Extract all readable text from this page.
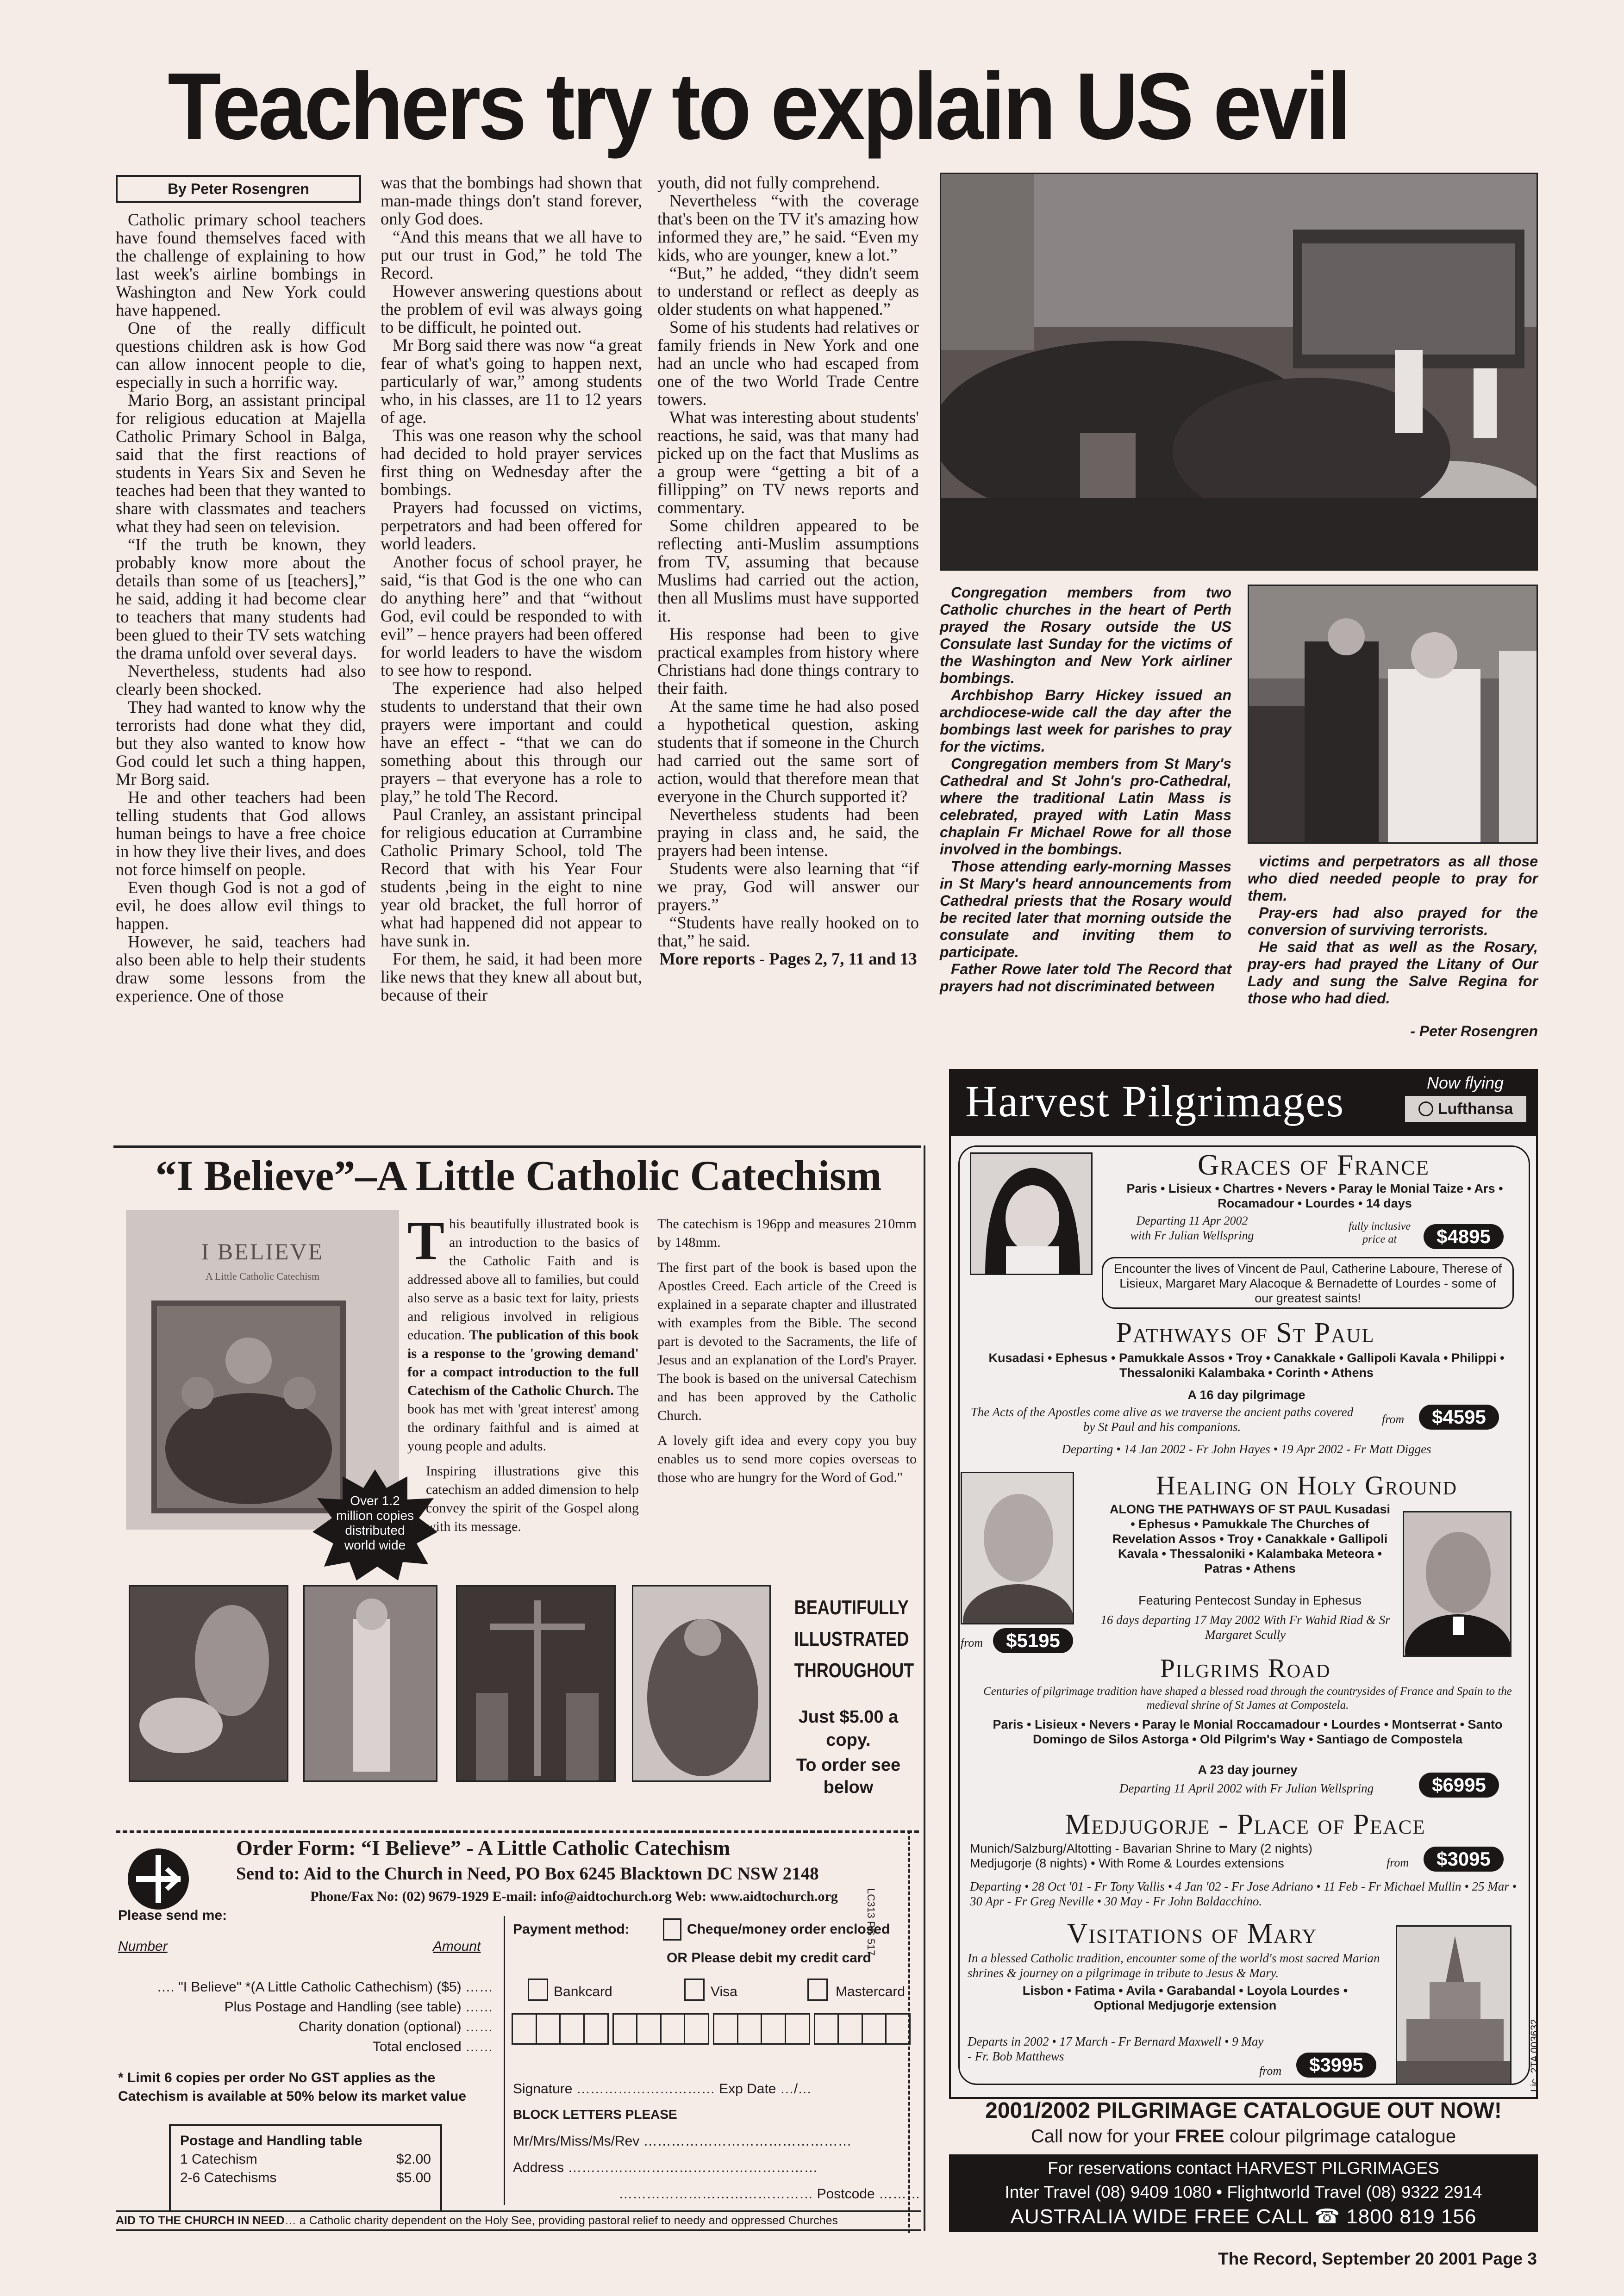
Teachers try to explain US evil
By Peter Rosengren

Catholic primary school teachers have found themselves faced with the challenge of explaining to how last week's airline bombings in Washington and New York could have happened.

One of the really difficult questions children ask is how God can allow innocent people to die, especially in such a horrific way.

Mario Borg, an assistant principal for religious education at Majella Catholic Primary School in Balga, said that the first reactions of students in Years Six and Seven he teaches had been that they wanted to share with classmates and teachers what they had seen on television.

“If the truth be known, they probably know more about the details than some of us [teachers],” he said, adding it had become clear to teachers that many students had been glued to their TV sets watching the drama unfold over several days.

Nevertheless, students had also clearly been shocked.

They had wanted to know why the terrorists had done what they did, but they also wanted to know how God could let such a thing happen, Mr Borg said.

He and other teachers had been telling students that God allows human beings to have a free choice in how they live their lives, and does not force himself on people.

Even though God is not a god of evil, he does allow evil things to happen.

However, he said, teachers had also been able to help their students draw some lessons from the experience. One of those

was that the bombings had shown that man-made things don't stand forever, only God does.

“And this means that we all have to put our trust in God,” he told The Record.

However answering questions about the problem of evil was always going to be difficult, he pointed out.

Mr Borg said there was now “a great fear of what's going to happen next, particularly of war,” among students who, in his classes, are 11 to 12 years of age.

This was one reason why the school had decided to hold prayer services first thing on Wednesday after the bombings.

Prayers had focussed on victims, perpetrators and had been offered for world leaders.

Another focus of school prayer, he said, “is that God is the one who can do anything here” and that “without God, evil could be responded to with evil” – hence prayers had been offered for world leaders to have the wisdom to see how to respond.

The experience had also helped students to understand that their own prayers were important and could have an effect - “that we can do something about this through our prayers – that everyone has a role to play,” he told The Record.

Paul Cranley, an assistant principal for religious education at Currambine Catholic Primary School, told The Record that with his Year Four students ,being in the eight to nine year old bracket, the full horror of what had happened did not appear to have sunk in.

For them, he said, it had been more like news that they knew all about but, because of their

youth, did not fully comprehend.

Nevertheless “with the coverage that's been on the TV it's amazing how informed they are,” he said. “Even my kids, who are younger, knew a lot.”

“But,” he added, “they didn't seem to understand or reflect as deeply as older students on what happened.”

Some of his students had relatives or family friends in New York and one had an uncle who had escaped from one of the two World Trade Centre towers.

What was interesting about students' reactions, he said, was that many had picked up on the fact that Muslims as a group were “getting a bit of a fillipping” on TV news reports and commentary.

Some children appeared to be reflecting anti-Muslim assumptions from TV, assuming that because Muslims had carried out the action, then all Muslims must have supported it.

His response had been to give practical examples from history where Christians had done things contrary to their faith.

At the same time he had also posed a hypothetical question, asking students that if someone in the Church had carried out the same sort of action, would that therefore mean that everyone in the Church supported it?

Nevertheless students had been praying in class and, he said, the prayers had been intense.

Students were also learning that “if we pray, God will answer our prayers.”

“Students have really hooked on to that,” he said.

More reports - Pages 2, 7, 11 and 13

Congregation members from two Catholic churches in the heart of Perth prayed the Rosary outside the US Consulate last Sunday for the victims of the Washington and New York airliner bombings.

Archbishop Barry Hickey issued an archdiocese-wide call the day after the bombings last week for parishes to pray for the victims.

Congregation members from St Mary's Cathedral and St John's pro-Cathedral, where the traditional Latin Mass is celebrated, prayed with Latin Mass chaplain Fr Michael Rowe for all those involved in the bombings.

Those attending early-morning Masses in St Mary's heard announcements from Cathedral priests that the Rosary would be recited later that morning outside the consulate and inviting them to participate.

Father Rowe later told The Record that prayers had not discriminated between

victims and perpetrators as all those who died needed people to pray for them.

Pray-ers had also prayed for the conversion of surviving terrorists.

He said that as well as the Rosary, pray-ers had prayed the Litany of Our Lady and sung the Salve Regina for those who had died.

- Peter Rosengren
“I Believe”–A Little Catholic Catechism
I BELIEVE
A Little Catholic Catechism
Over 1.2 million copies distributed world wide

This beautifully illustrated book is an introduction to the basics of the Catholic Faith and is addressed above all to families, but could also serve as a basic text for laity, priests and religious involved in religious education. The publication of this book is a response to the 'growing demand' for a compact introduction to the full Catechism of the Catholic Church. The book has met with 'great interest' among the ordinary faithful and is aimed at young people and adults.

Inspiring illustrations give this catechism an added dimension to help convey the spirit of the Gospel along with its message.

The catechism is 196pp and measures 210mm by 148mm.

The first part of the book is based upon the Apostles Creed. Each article of the Creed is explained in a separate chapter and illustrated with examples from the Bible. The second part is devoted to the Sacraments, the life of Jesus and an explanation of the Lord's Prayer. The book is based on the universal Catechism and has been approved by the Catholic Church.

A lovely gift idea and every copy you buy enables us to send more copies overseas to those who are hungry for the Word of God."

BEAUTIFULLY ILLUSTRATED THROUGHOUT
Just $5.00 a copy.
To order see below
Order Form: “I Believe” - A Little Catholic Catechism
Send to: Aid to the Church in Need, PO Box 6245 Blacktown DC NSW 2148
Phone/Fax No: (02) 9679-1929 E-mail: info@aidtochurch.org Web: www.aidtochurch.org	LC313 PG 517
Please send me:
Number	Amount
…. "I Believe" *(A Little Catholic Cathechism) ($5) ……
Plus Postage and Handling (see table) ……
Charity donation (optional) ……
Total enclosed ……
* Limit 6 copies per order No GST applies as the Catechism is available at 50% below its market value
Postage and Handling table
1 Catechism	$2.00
2-6 Catechisms	$5.00
Payment method:	Cheque/money order enclosed
OR Please debit my credit card
Bankcard	Visa	Mastercard
Signature ………………………… Exp Date …/…
BLOCK LETTERS PLEASE
Mr/Mrs/Miss/Ms/Rev ………………………………………
Address ………………………………………………
…………………………………… Postcode ………
AID TO THE CHURCH IN NEED… a Catholic charity dependent on the Holy See, providing pastoral relief to needy and oppressed Churches
Harvest Pilgrimages	Now flying
Lufthansa
Graces of France
Paris • Lisieux • Chartres • Nevers • Paray le Monial Taize • Ars • Rocamadour • Lourdes • 14 days
Departing 11 Apr 2002 with Fr Julian Wellspring
fully inclusive price at	$4895
Encounter the lives of Vincent de Paul, Catherine Laboure, Therese of Lisieux, Margaret Mary Alacoque & Bernadette of Lourdes - some of our greatest saints!
Pathways of St Paul
Kusadasi • Ephesus • Pamukkale Assos • Troy • Canakkale • Gallipoli Kavala • Philippi • Thessaloniki Kalambaka • Corinth • Athens
A 16 day pilgrimage
The Acts of the Apostles come alive as we traverse the ancient paths covered by St Paul and his companions.
from	$4595
Departing • 14 Jan 2002 - Fr John Hayes • 19 Apr 2002 - Fr Matt Digges
Healing on Holy Ground
ALONG THE PATHWAYS OF ST PAUL Kusadasi • Ephesus • Pamukkale The Churches of Revelation Assos • Troy • Canakkale • Gallipoli Kavala • Thessaloniki • Kalambaka Meteora • Patras • Athens
Featuring Pentecost Sunday in Ephesus
16 days departing 17 May 2002 With Fr Wahid Riad & Sr Margaret Scully
from	$5195
Pilgrims Road
Centuries of pilgrimage tradition have shaped a blessed road through the countrysides of France and Spain to the medieval shrine of St James at Compostela.
Paris • Lisieux • Nevers • Paray le Monial Roccamadour • Lourdes • Montserrat • Santo Domingo de Silos Astorga • Old Pilgrim's Way • Santiago de Compostela
A 23 day journey
Departing 11 April 2002 with Fr Julian Wellspring	$6995
Medjugorje - Place of Peace
Munich/Salzburg/Altotting - Bavarian Shrine to Mary (2 nights) Medjugorje (8 nights) • With Rome & Lourdes extensions	from	$3095
Departing • 28 Oct '01 - Fr Tony Vallis • 4 Jan '02 - Fr Jose Adriano • 11 Feb - Fr Michael Mullin • 25 Mar • 30 Apr - Fr Greg Neville • 30 May - Fr John Baldacchino.
Visitations of Mary
In a blessed Catholic tradition, encounter some of the world's most sacred Marian shrines & journey on a pilgrimage in tribute to Jesus & Mary.
Lisbon • Fatima • Avila • Garabandal • Loyola Lourdes • Optional Medjugorje extension
Departs in 2002 • 17 March - Fr Bernard Maxwell • 9 May - Fr. Bob Matthews
from	$3995	Lic. 2TA 003632
2001/2002 PILGRIMAGE CATALOGUE OUT NOW!
Call now for your FREE colour pilgrimage catalogue
For reservations contact HARVEST PILGRIMAGES
Inter Travel (08) 9409 1080 • Flightworld Travel (08) 9322 2914
AUSTRALIA WIDE FREE CALL ☎ 1800 819 156
The Record, September 20 2001 Page 3
